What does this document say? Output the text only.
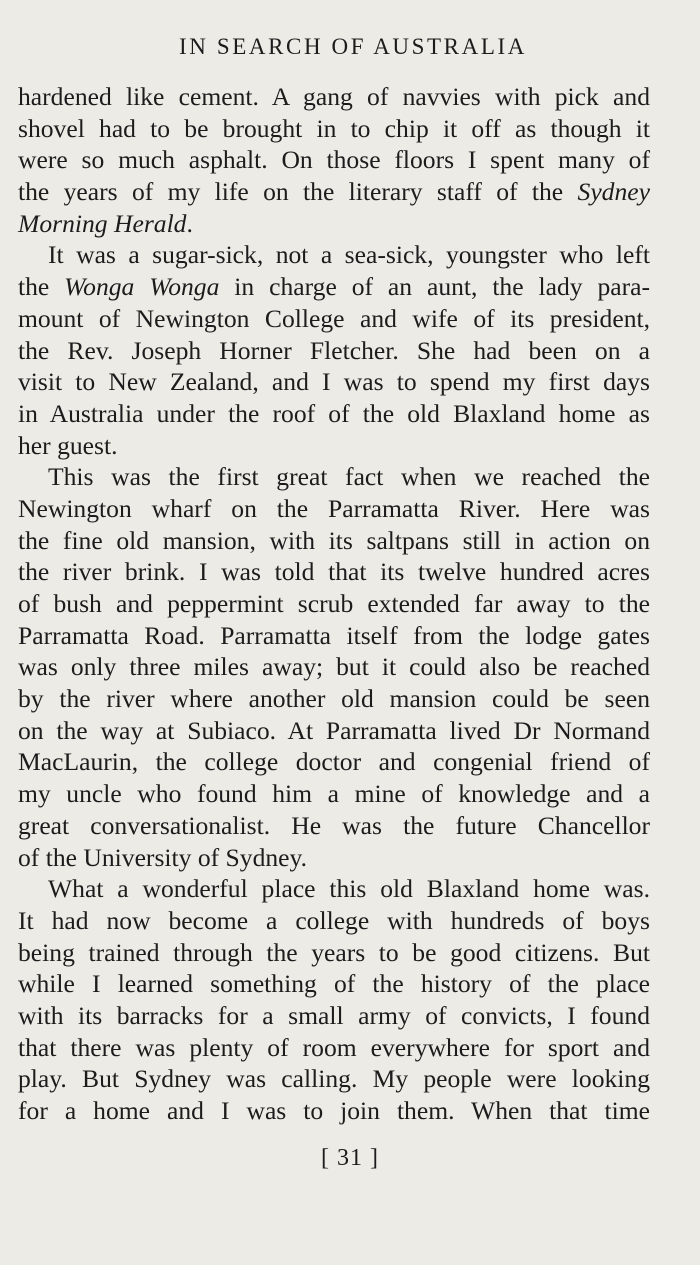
IN SEARCH OF AUSTRALIA
hardened like cement. A gang of navvies with pick and
shovel had to be brought in to chip it off as though it
were so much asphalt. On those floors I spent many of
the years of my life on the literary staff of the Sydney
Morning Herald.
It was a sugar-sick, not a sea-sick, youngster who left
the Wonga Wonga in charge of an aunt, the lady para-
mount of Newington College and wife of its president,
the Rev. Joseph Horner Fletcher. She had been on a
visit to New Zealand, and I was to spend my first days
in Australia under the roof of the old Blaxland home as
her guest.
This was the first great fact when we reached the
Newington wharf on the Parramatta River. Here was
the fine old mansion, with its saltpans still in action on
the river brink. I was told that its twelve hundred acres
of bush and peppermint scrub extended far away to the
Parramatta Road. Parramatta itself from the lodge gates
was only three miles away; but it could also be reached
by the river where another old mansion could be seen
on the way at Subiaco. At Parramatta lived Dr Normand
MacLaurin, the college doctor and congenial friend of
my uncle who found him a mine of knowledge and a
great conversationalist. He was the future Chancellor
of the University of Sydney.
What a wonderful place this old Blaxland home was.
It had now become a college with hundreds of boys
being trained through the years to be good citizens. But
while I learned something of the history of the place
with its barracks for a small army of convicts, I found
that there was plenty of room everywhere for sport and
play. But Sydney was calling. My people were looking
for a home and I was to join them. When that time
[ 31 ]
